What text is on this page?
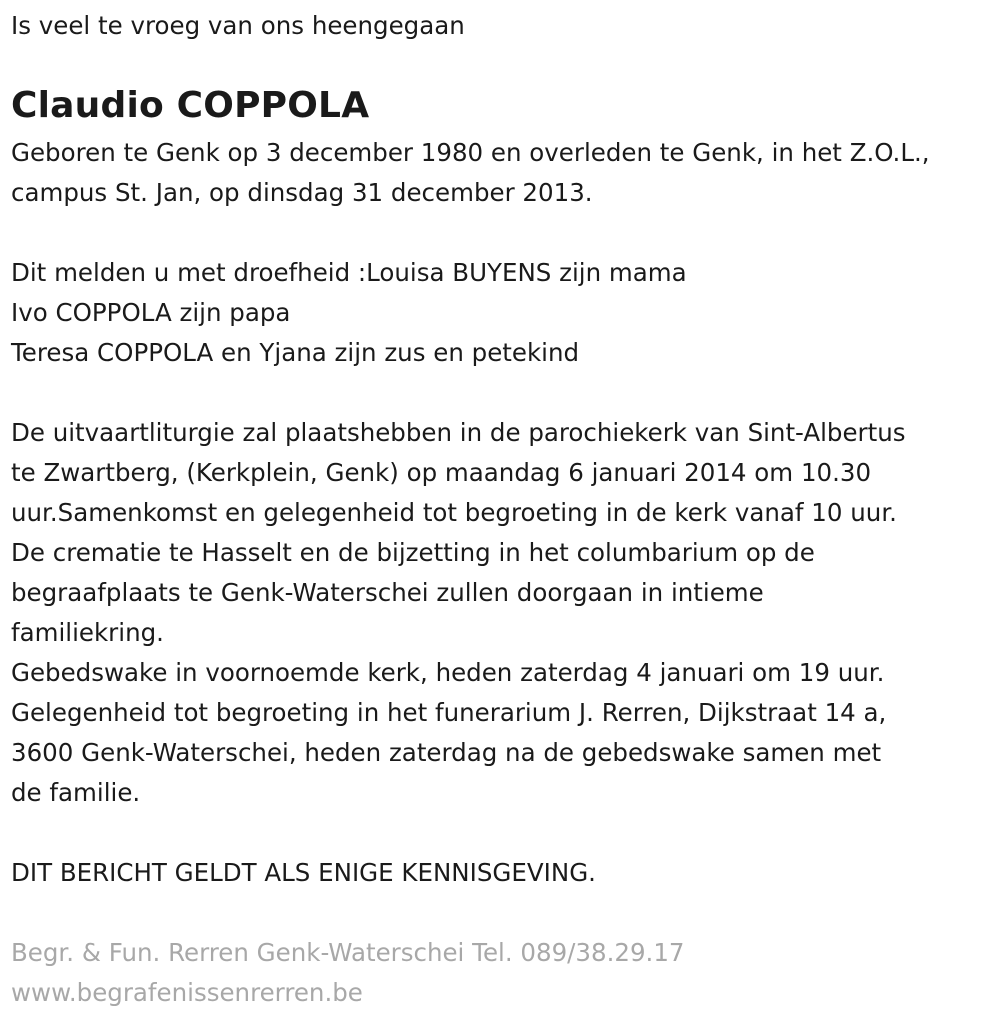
Is veel te vroeg van ons heengegaan

Claudio COPPOLA

Geboren te Genk op 3 december 1980 en overleden te Genk, in het Z.O.L.,

campus St. Jan, op dinsdag 31 december 2013.

Dit melden u met droefheid :Louisa BUYENS zijn mama

Ivo COPPOLA zijn papa

Teresa COPPOLA en Yjana zijn zus en petekind

De uitvaartliturgie zal plaatshebben in de parochiekerk van Sint-Albertus

te Zwartberg, (Kerkplein, Genk) op maandag 6 januari 2014 om 10.30

uur.Samenkomst en gelegenheid tot begroeting in de kerk vanaf 10 uur.

De crematie te Hasselt en de bijzetting in het columbarium op de

begraafplaats te Genk-Waterschei zullen doorgaan in intieme

familiekring.

Gebedswake in voornoemde kerk, heden zaterdag 4 januari om 19 uur.

Gelegenheid tot begroeting in het funerarium J. Rerren, Dijkstraat 14 a,

3600 Genk-Waterschei, heden zaterdag na de gebedswake samen met

de familie.

DIT BERICHT GELDT ALS ENIGE KENNISGEVING.

Begr. & Fun. Rerren Genk-Waterschei Tel. 089/38.29.17

www.begrafenissenrerren.be
